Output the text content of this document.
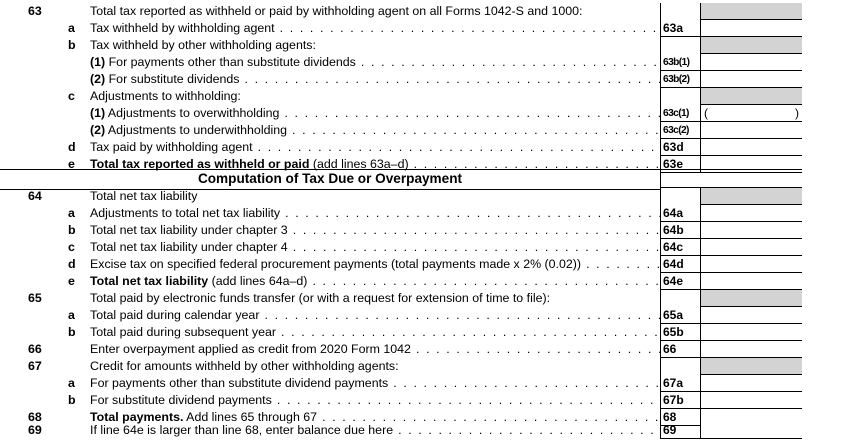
63	Total tax reported as withheld or paid by withholding agent on all Forms 1042-S and 1000:
a Tax withheld by withholding agent . .	63a
b Tax withheld by other withholding agents:
(1) For payments other than substitute dividends . .	63b(1)
(2) For substitute dividends . .	63b(2)
c Adjustments to withholding:
(1) Adjustments to overwithholding . .	63c(1)	(	)
(2) Adjustments to underwithholding . .	63c(2)
d Tax paid by withholding agent . .	63d
e Total tax reported as withheld or paid (add lines 63a–d) . .	63e
Computation of Tax Due or Overpayment
64	Total net tax liability
a Adjustments to total net tax liability . .	64a
b Total net tax liability under chapter 3 . .	64b
c Total net tax liability under chapter 4 . .	64c
d Excise tax on specified federal procurement payments (total payments made x 2% (0.02)) . .	64d
e Total net tax liability (add lines 64a–d) . .	64e
65	Total paid by electronic funds transfer (or with a request for extension of time to file):
a Total paid during calendar year . .	65a
b Total paid during subsequent year . .	65b
66	Enter overpayment applied as credit from 2020 Form 1042 . .	66
67	Credit for amounts withheld by other withholding agents:
a For payments other than substitute dividend payments . .	67a
b For substitute dividend payments . .	67b
68	Total payments. Add lines 65 through 67 . .	68
69	If line 64e is larger than line 68, enter balance due here . .	69
